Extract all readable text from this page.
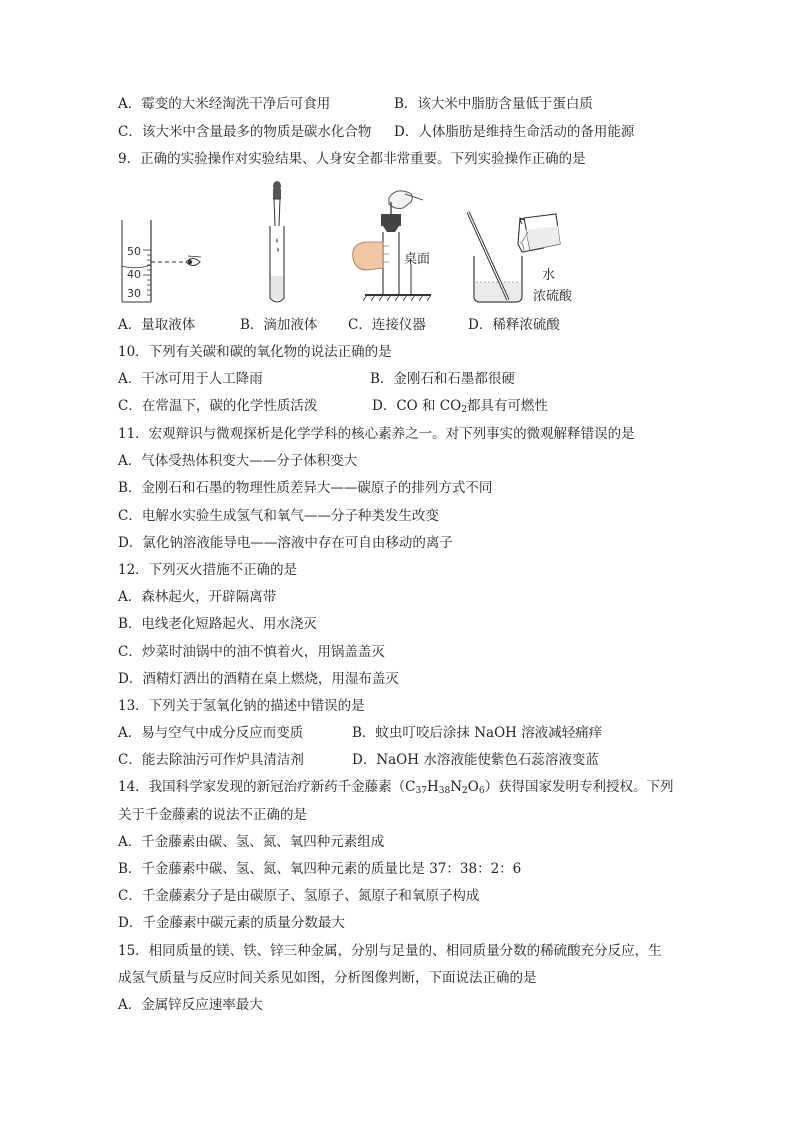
A．霉变的大米经淘洗干净后可食用	B．该大米中脂肪含量低于蛋白质
C．该大米中含量最多的物质是碳水化合物 D．人体脂肪是维持生命活动的备用能源
9．正确的实验操作对实验结果、人身安全都非常重要。下列实验操作正确的是
50
40
30
桌面
水
浓硫酸
A．量取液体	B．滴加液体 C．连接仪器	D．稀释浓硫酸
10．下列有关碳和碳的氧化物的说法正确的是
A．干冰可用于人工降雨	B．金刚石和石墨都很硬
C．在常温下，碳的化学性质活泼	D．CO 和 $CO_2$都具有可燃性
11．宏观辩识与微观探析是化学学科的核心素养之一。对下列事实的微观解释错误的是
A．气体受热体积变大——分子体积变大
B．金刚石和石墨的物理性质差异大——碳原子的排列方式不同
C．电解水实验生成氢气和氧气——分子种类发生改变
D．氯化钠溶液能导电——溶液中存在可自由移动的离子
12．下列灭火措施不正确的是
A．森林起火，开辟隔离带
B．电线老化短路起火、用水浇灭
C．炒菜时油锅中的油不慎着火，用锅盖盖灭
D．酒精灯洒出的酒精在桌上燃烧，用湿布盖灭
13．下列关于氢氧化钠的描述中错误的是
A．易与空气中成分反应而变质	B．蚊虫叮咬后涂抹 NaOH 溶液减轻痛痒
C．能去除油污可作炉具清洁剂	D．NaOH 水溶液能使紫色石蕊溶液变蓝
14．我国科学家发现的新冠治疗新药千金藤素$(C_{37}H_{38}N_2O_6)$获得国家发明专利授权。下列
关于千金藤素的说法不正确的是
A．千金藤素由碳、氢、氮、氧四种元素组成
B．千金藤素中碳、氢、氮、氧四种元素的质量比是 37：38：2：6
C．千金藤素分子是由碳原子、氢原子、氮原子和氧原子构成
D．千金藤素中碳元素的质量分数最大
15．相同质量的镁、铁、锌三种金属，分别与足量的、相同质量分数的稀硫酸充分反应，生
成氢气质量与反应时间关系见如图，分析图像判断，下面说法正确的是
A．金属锌反应速率最大
